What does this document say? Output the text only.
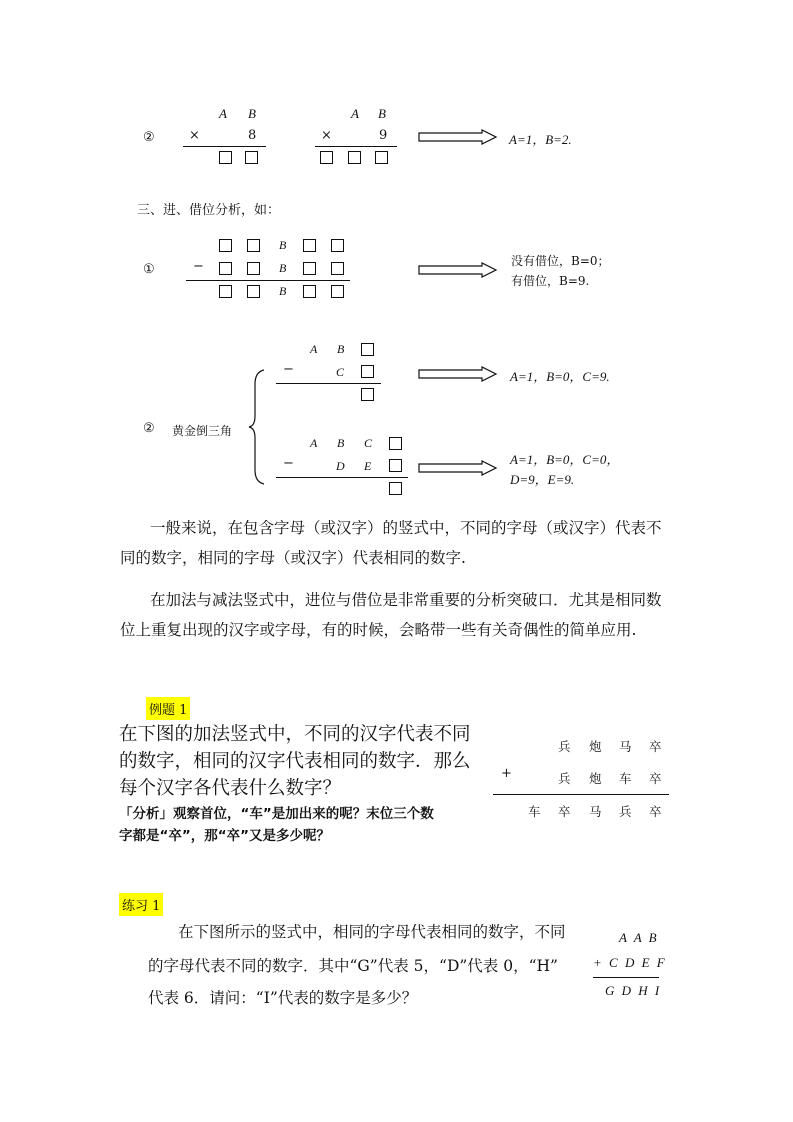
②
A B
×	8
A B
×	9	A=1，B=2.
三、进、借位分析，如：
①
B
−	B
B
没有借位，B=0；
有借位，B=9.
② 黄金倒三角
A B
−	C	A=1，B=0，C=9.
A B C
−	D E	A=1，B=0，C=0，
D=9，E=9.
一般来说，在包含字母（或汉字）的竖式中，不同的字母（或汉字）代表不
同的数字，相同的字母（或汉字）代表相同的数字.
在加法与减法竖式中，进位与借位是非常重要的分析突破口．尤其是相同数
位上重复出现的汉字或字母，有的时候，会略带一些有关奇偶性的简单应用.
例题 1
在下图的加法竖式中，不同的汉字代表不同
的数字，相同的汉字代表相同的数字．那么
每个汉字各代表什么数字？
「分析」观察首位，“车”是加出来的呢？末位三个数
字都是“卒”，那“卒”又是多少呢？
兵 炮 马 卒
+	兵 炮 车 卒
车 卒 马 兵 卒
练习 1
在下图所示的竖式中，相同的字母代表相同的数字，不同
的字母代表不同的数字．其中“G”代表 5，“D”代表 0，“H”
代表 6．请问：“I”代表的数字是多少？
A A B
+ C D E F
G D H I
